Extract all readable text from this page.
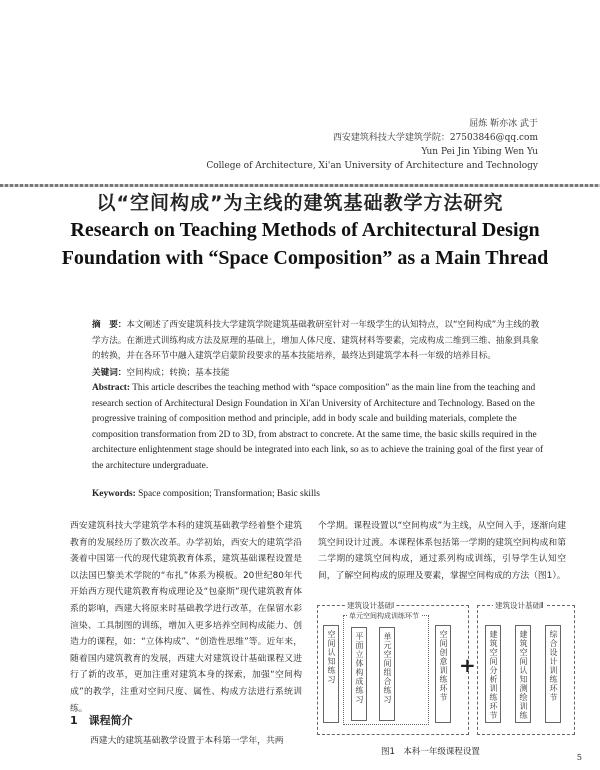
屈炼 靳亦冰 武于
西安建筑科技大学建筑学院：27503846@qq.com
Yun Pei Jin Yibing Wen Yu
College of Architecture, Xi'an University of Architecture and Technology
以“空间构成”为主线的建筑基础教学方法研究
Research on Teaching Methods of Architectural Design
Foundation with “Space Composition” as a Main Thread
摘　要：本文阐述了西安建筑科技大学建筑学院建筑基础教研室针对一年级学生的认知特点，以“空间构成”为主线的教学方法。在渐进式训练构成方法及原理的基础上，增加人体尺度、建筑材料等要素，完成构成二维到三维、抽象到具象的转换，并在各环节中融入建筑学启蒙阶段要求的基本技能培养，最终达到建筑学本科一年级的培养目标。
关键词：空间构成；转换；基本技能
Abstract: This article describes the teaching method with “space composition” as the main line from the teaching and research section of Architectural Design Foundation in Xi'an University of Architecture and Technology. Based on the progressive training of composition method and principle, add in body scale and building materials, complete the composition transformation from 2D to 3D, from abstract to concrete. At the same time, the basic skills required in the architecture enlightenment stage should be integrated into each link, so as to achieve the training goal of the first year of the architecture undergraduate.
Keywords: Space composition; Transformation; Basic skills
西安建筑科技大学建筑学本科的建筑基础教学经着整个建筑教育的发展经历了数次改革。办学初始，西安大的建筑学沿袭着中国第一代的现代建筑教育体系，建筑基础课程设置是以法国巴黎美术学院的“布扎”体系为模板。20世纪80年代开始西方现代建筑教育构成理论及“包豪斯”现代建筑教育体系的影响，西建大将原来时基础教学进行改革，在保留水彩渲染、工具制图的训练，增加入更多培养空间构成能力、创造力的课程，如：“立体构成”、“创造性思维”等。近年来，随着国内建筑教育的发展，西建大对建筑设计基础课程又进行了新的改革，更加注重对建筑本身的探索，加强“空间构成”的教学，注重对空间尺度、属性、构成方法进行系统训练。
1　课程简介
西建大的建筑基础教学设置于本科第一学年，共两
个学期。课程设置以“空间构成”为主线，从空间入手，逐渐向建筑空间设计过渡。本课程体系包括第一学期的建筑空间构成和第二学期的建筑空间构成，通过系列构成训练，引导学生认知空间，了解空间构成的原理及要素，掌握空间构成的方法（图1）。
建筑设计基础Ⅰ	建筑设计基础Ⅱ
空间认知练习
单元空间构成训练环节
平面立体构成练习 单元空间组合练习	空间创意训练环节 + 建筑空间分析训练环节	建筑空间认知测绘训练	综合设计训练环节
图1　本科一年级课程设置
5
